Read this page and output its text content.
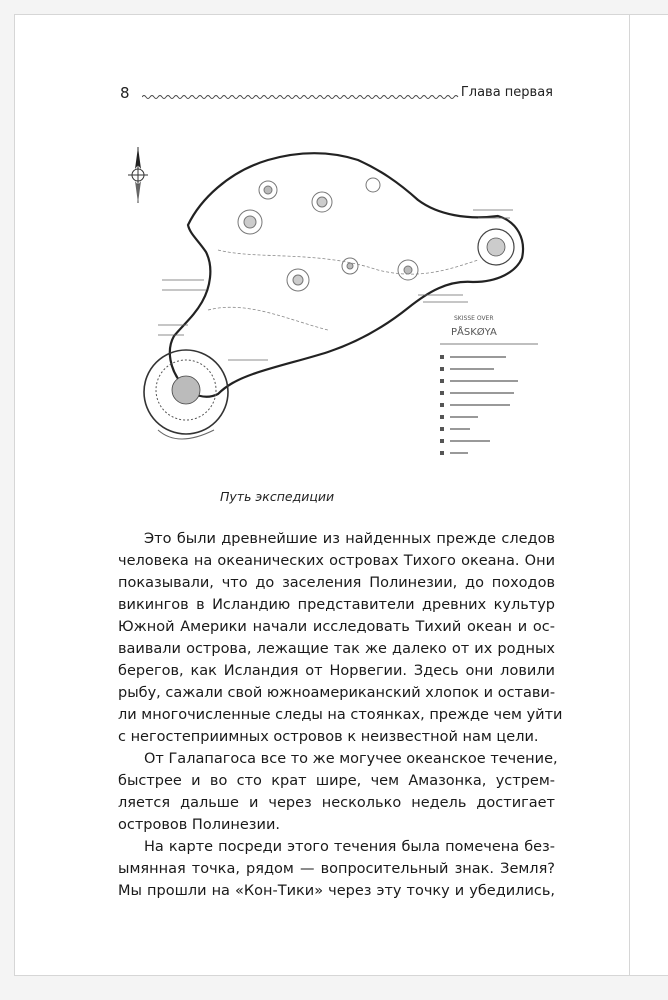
8	Глава первая
SKISSE OVER
PÅSKØYA
Путь экспедиции
Это были древнейшие из найденных прежде следов
человека на океанических островах Тихого океана. Они
показывали, что до заселения Полинезии, до походов
викингов в Исландию представители древних культур
Южной Америки начали исследовать Тихий океан и ос-
ваивали острова, лежащие так же далеко от их родных
берегов, как Исландия от Норвегии. Здесь они ловили
рыбу, сажали свой южноамериканский хлопок и остави-
ли многочисленные следы на стоянках, прежде чем уйти
с негостеприимных островов к неизвестной нам цели.
От Галапагоса все то же могучее океанское течение,
быстрее и во сто крат шире, чем Амазонка, устрем-
ляется дальше и через несколько недель достигает
островов Полинезии.
На карте посреди этого течения была помечена без-
ымянная точка, рядом — вопросительный знак. Земля?
Мы прошли на «Кон-Тики» через эту точку и убедились,
